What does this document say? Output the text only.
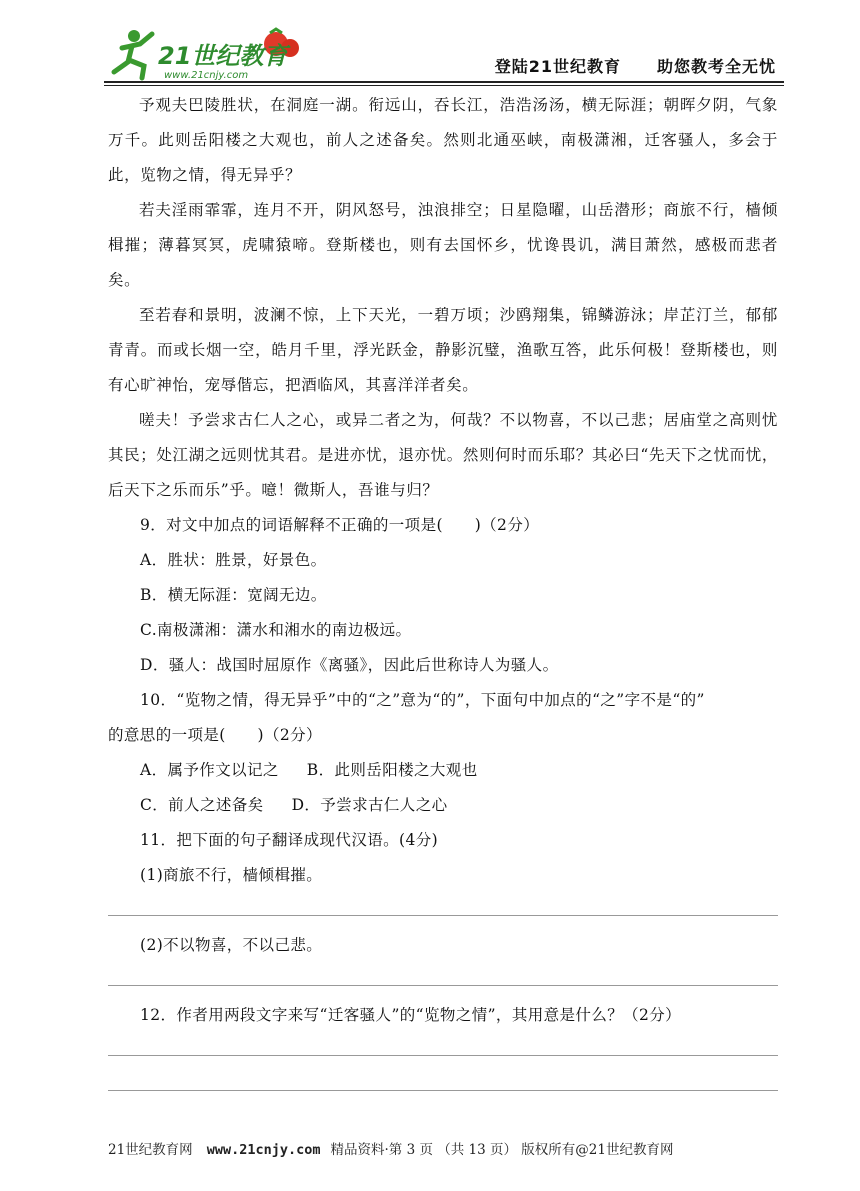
21世纪教育
www.21cnjy.com	登陆21世纪教育 助您教考全无忧

予观夫巴陵胜状，在洞庭一湖。衔远山，吞长江，浩浩汤汤，横无际涯；朝晖夕阴，气象万千。此则岳阳楼之大观也，前人之述备矣。然则北通巫峡，南极潇湘，迁客骚人，多会于此，览物之情，得无异乎？

若夫淫雨霏霏，连月不开，阴风怒号，浊浪排空；日星隐曜，山岳潜形；商旅不行，樯倾楫摧；薄暮冥冥，虎啸猿啼。登斯楼也，则有去国怀乡，忧谗畏讥，满目萧然，感极而悲者矣。

至若春和景明，波澜不惊，上下天光，一碧万顷；沙鸥翔集，锦鳞游泳；岸芷汀兰，郁郁青青。而或长烟一空，皓月千里，浮光跃金，静影沉璧，渔歌互答，此乐何极！登斯楼也，则有心旷神怡，宠辱偕忘，把酒临风，其喜洋洋者矣。

嗟夫！予尝求古仁人之心，或异二者之为，何哉？不以物喜，不以己悲；居庙堂之高则忧其民；处江湖之远则忧其君。是进亦忧，退亦忧。然则何时而乐耶？其必曰“先天下之忧而忧，后天下之乐而乐”乎。噫！微斯人，吾谁与归？

9．对文中加点的词语解释不正确的一项是(　　)（2分）

A．胜状：胜景，好景色。

B．横无际涯：宽阔无边。

C.南极潇湘：潇水和湘水的南边极远。

D．骚人：战国时屈原作《离骚》，因此后世称诗人为骚人。

10．“览物之情，得无异乎”中的“之”意为“的”，下面句中加点的“之”字不是“的”

的意思的一项是(　　)（2分）

A．属予作文以记之 B．此则岳阳楼之大观也

C．前人之述备矣 D．予尝求古仁人之心

11．把下面的句子翻译成现代汉语。(4分)

(1)商旅不行，樯倾楫摧。

(2)不以物喜，不以己悲。

12．作者用两段文字来写“迁客骚人”的“览物之情”，其用意是什么？（2分）

21世纪教育网 www.21cnjy.com 精品资料·第 3 页 （共 13 页） 版权所有@21世纪教育网
